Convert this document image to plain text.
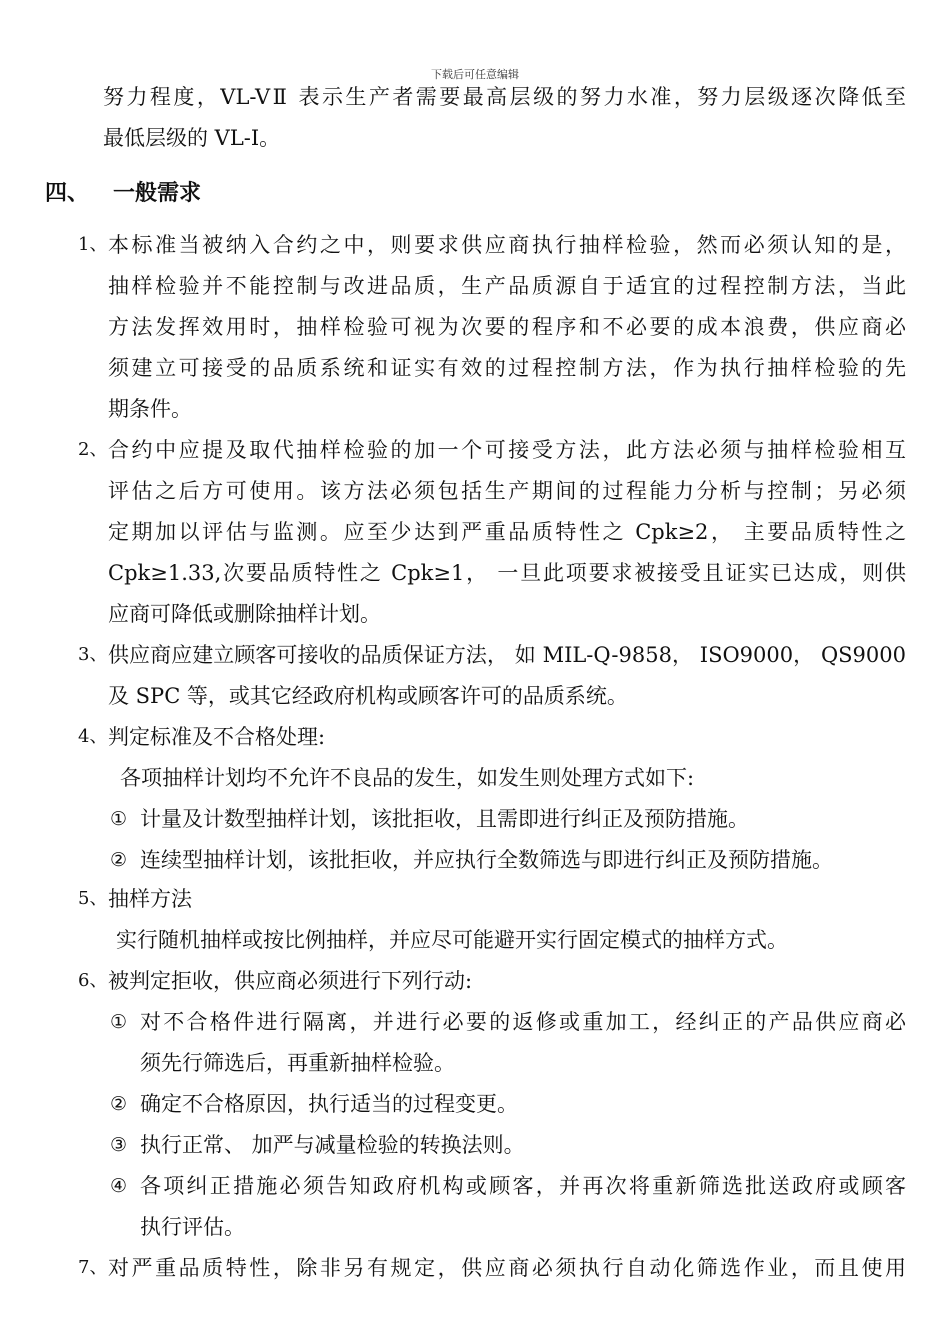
下载后可任意编辑
努力程度，VL-VⅡ 表示生产者需要最高层级的努力水准，努力层级逐次降低至
最低层级的 VL-I。
四、 一般需求
1、 本标准当被纳入合约之中，则要求供应商执行抽样检验，然而必须认知的是，
抽样检验并不能控制与改进品质，生产品质源自于适宜的过程控制方法，当此
方法发挥效用时，抽样检验可视为次要的程序和不必要的成本浪费，供应商必
须建立可接受的品质系统和证实有效的过程控制方法，作为执行抽样检验的先
期条件。
2、 合约中应提及取代抽样检验的加一个可接受方法，此方法必须与抽样检验相互
评估之后方可使用。该方法必须包括生产期间的过程能力分析与控制；另必须
定期加以评估与监测。应至少达到严重品质特性之 Cpk≥2， 主要品质特性之
Cpk≥1.33,次要品质特性之 Cpk≥1， 一旦此项要求被接受且证实已达成，则供
应商可降低或删除抽样计划。
3、 供应商应建立顾客可接收的品质保证方法， 如 MIL-Q-9858， ISO9000， QS9000
及 SPC 等，或其它经政府机构或顾客许可的品质系统。
4、 判定标准及不合格处理:
各项抽样计划均不允许不良品的发生，如发生则处理方式如下:
① 计量及计数型抽样计划，该批拒收，且需即进行纠正及预防措施。
② 连续型抽样计划，该批拒收，并应执行全数筛选与即进行纠正及预防措施。
5、 抽样方法
实行随机抽样或按比例抽样，并应尽可能避开实行固定模式的抽样方式。
6、 被判定拒收，供应商必须进行下列行动:
① 对不合格件进行隔离，并进行必要的返修或重加工，经纠正的产品供应商必
须先行筛选后，再重新抽样检验。
② 确定不合格原因，执行适当的过程变更。
③ 执行正常、 加严与减量检验的转换法则。
④ 各项纠正措施必须告知政府机构或顾客，并再次将重新筛选批送政府或顾客
执行评估。
7、 对严重品质特性，除非另有规定，供应商必须执行自动化筛选作业，而且使用
